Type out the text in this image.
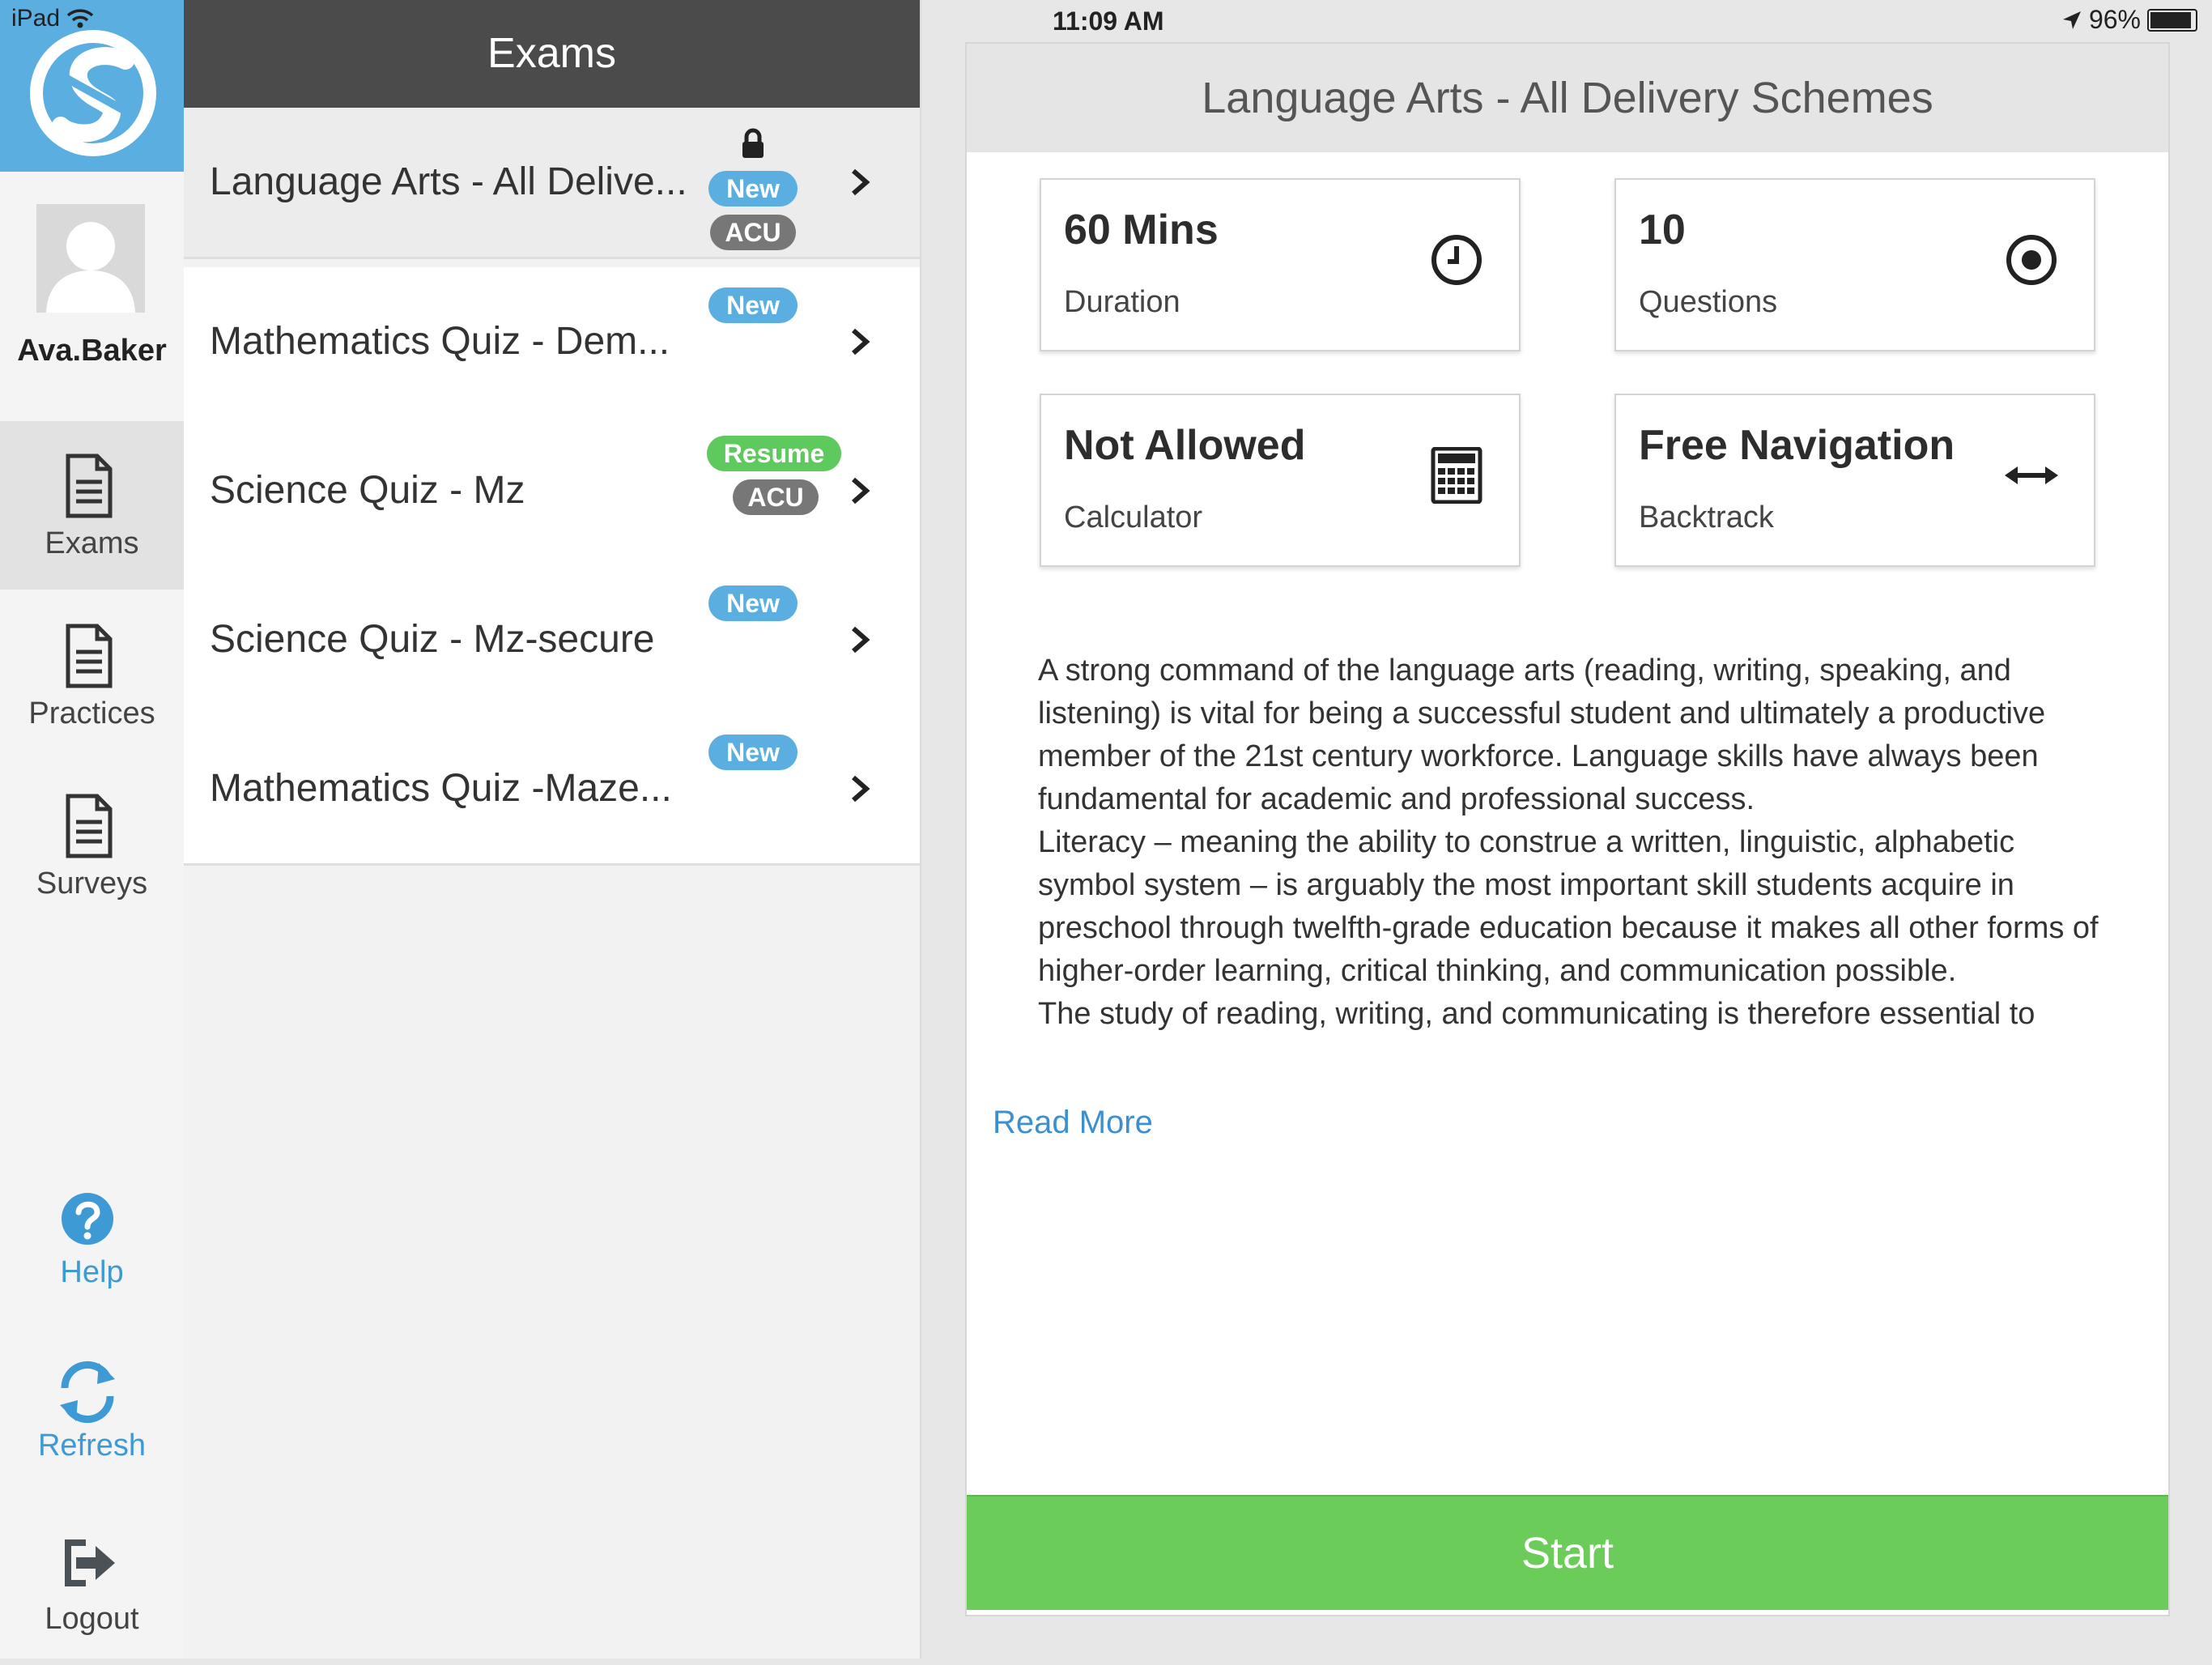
iPad
Ava.Baker
Exams
Practices
Surveys
Help
Refresh
Logout
Exams
Language Arts - All Delive...	New
ACU
Mathematics Quiz - Dem...
New
Science Quiz - Mz
Resume
ACU
Science Quiz - Mz-secure
New
Mathematics Quiz -Maze...
New
11:09 AM	96%
Language Arts - All Delivery Schemes
60 Mins
Duration
10
Questions
Not Allowed
Calculator
Free Navigation
Backtrack

A strong command of the language arts (reading, writing, speaking, and listening) is vital for being a successful student and ultimately a productive member of the 21st century workforce. Language skills have always been fundamental for academic and professional success.

Literacy – meaning the ability to construe a written, linguistic, alphabetic symbol system – is arguably the most important skill students acquire in preschool through twelfth-grade education because it makes all other forms of higher-order learning, critical thinking, and communication possible.

The study of reading, writing, and communicating is therefore essential to

Read More
Start
